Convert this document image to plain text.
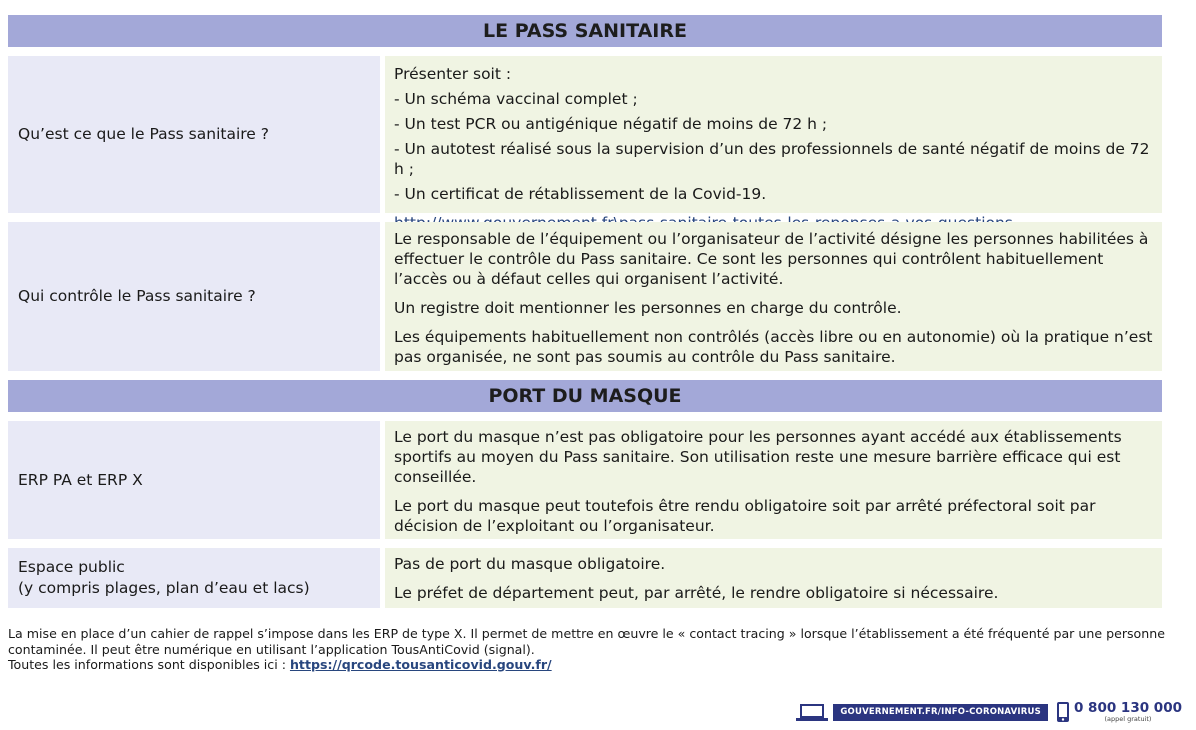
LE PASS SANITAIRE
Qu’est ce que le Pass sanitaire ?

Présenter soit :

- Un schéma vaccinal complet ;

- Un test PCR ou antigénique négatif de moins de 72 h ;

- Un autotest réalisé sous la supervision d’un des professionnels de santé négatif de moins de 72 h ;

- Un certificat de rétablissement de la Covid-19.

Qui contrôle le Pass sanitaire ?

Le responsable de l’équipement ou l’organisateur de l’activité désigne les personnes habilitées à effectuer le contrôle du Pass sanitaire. Ce sont les personnes qui contrôlent habituellement l’accès ou à défaut celles qui organisent l’activité.

Un registre doit mentionner les personnes en charge du contrôle.

Les équipements habituellement non contrôlés (accès libre ou en autonomie) où la pratique n’est pas organisée, ne sont pas soumis au contrôle du Pass sanitaire.

PORT DU MASQUE
ERP PA et ERP X

Le port du masque n’est pas obligatoire pour les personnes ayant accédé aux établissements sportifs au moyen du Pass sanitaire. Son utilisation reste une mesure barrière efficace qui est conseillée.

Le port du masque peut toutefois être rendu obligatoire soit par arrêté préfectoral soit par décision de l’exploitant ou l’organisateur.

Espace public
(y compris plages, plan d’eau et lacs)

Pas de port du masque obligatoire.

Le préfet de département peut, par arrêté, le rendre obligatoire si nécessaire.

La mise en place d’un cahier de rappel s’impose dans les ERP de type X. Il permet de mettre en œuvre le « contact tracing » lorsque l’établissement a été fréquenté par une personne contaminée. Il peut être numérique en utilisant l’application TousAntiCovid (signal).
Toutes les informations sont disponibles ici : https://qrcode.tousanticovid.gouv.fr/
GOUVERNEMENT.FR/INFO-CORONAVIRUS	0 800 130 000
(appel gratuit)
